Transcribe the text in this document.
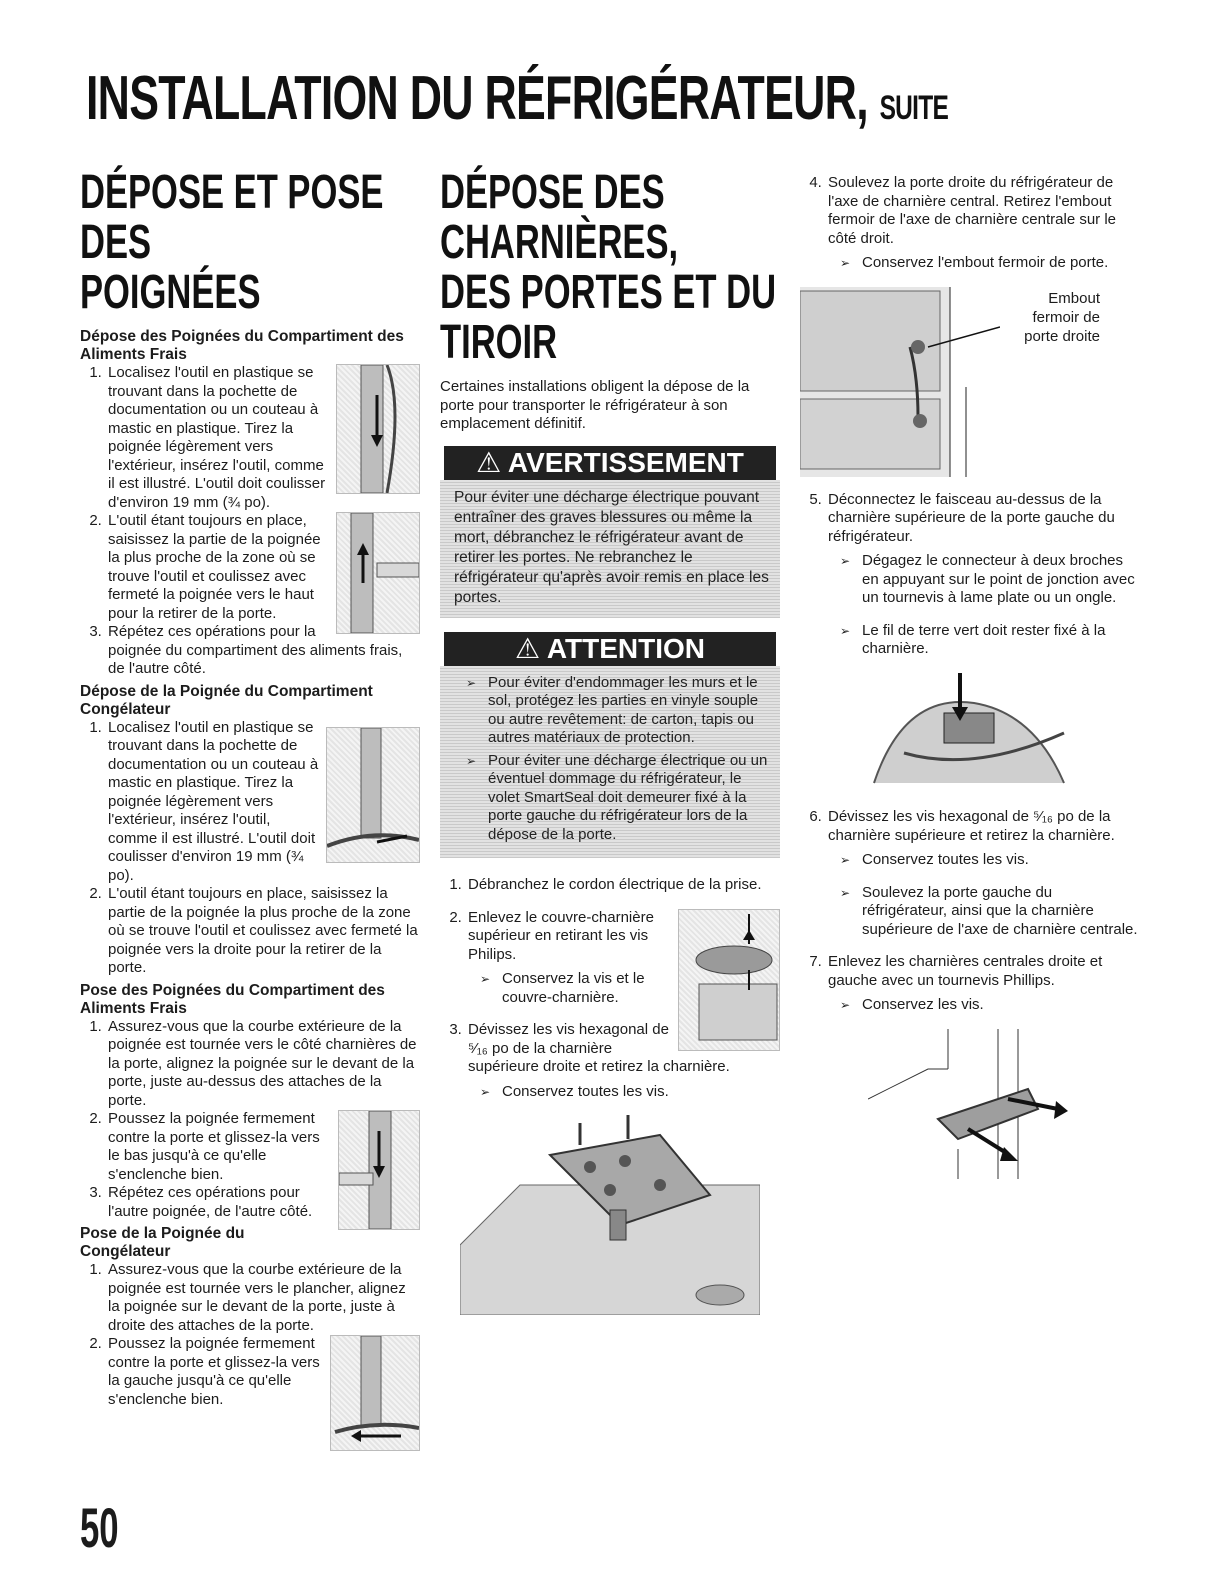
INSTALLATION DU RÉFRIGÉRATEUR, SUITE
DÉPOSE ET POSE DES
POIGNÉES
Dépose des Poignées du Compartiment des Aliments Frais
1. Localisez l'outil en plastique se trouvant dans la pochette de documentation ou un couteau à mastic en plastique. Tirez la poignée légèrement vers l'extérieur, insérez l'outil, comme il est illustré. L'outil doit coulisser d'environ 19 mm (¾ po).
2. L'outil étant toujours en place, saisissez la partie de la poignée la plus proche de la zone où se trouve l'outil et coulissez avec fermeté la poignée vers le haut pour la retirer de la porte.
3. Répétez ces opérations pour la poignée du compartiment des aliments frais, de l'autre côté.
Dépose de la Poignée du Compartiment Congélateur
1. Localisez l'outil en plastique se trouvant dans la pochette de documentation ou un couteau à mastic en plastique. Tirez la poignée légèrement vers l'extérieur, insérez l'outil, comme il est illustré. L'outil doit coulisser d'environ 19 mm (¾ po).
2. L'outil étant toujours en place, saisissez la partie de la poignée la plus proche de la zone où se trouve l'outil et coulissez avec fermeté la poignée vers la droite pour la retirer de la porte.
Pose des Poignées du Compartiment des Aliments Frais
1. Assurez-vous que la courbe extérieure de la poignée est tournée vers le côté charnières de la porte, alignez la poignée sur le devant de la porte, juste au-dessus des attaches de la porte.
2. Poussez la poignée fermement contre la porte et glissez-la vers le bas jusqu'à ce qu'elle s'enclenche bien.
3. Répétez ces opérations pour l'autre poignée, de l'autre côté.
Pose de la Poignée du Congélateur
1. Assurez-vous que la courbe extérieure de la poignée est tournée vers le plancher, alignez la poignée sur le devant de la porte, juste à droite des attaches de la porte.
2. Poussez la poignée fermement contre la porte et glissez-la vers la gauche jusqu'à ce qu'elle s'enclenche bien.
DÉPOSE DES CHARNIÈRES,
DES PORTES ET DU TIROIR

Certaines installations obligent la dépose de la porte pour transporter le réfrigérateur à son emplacement définitif.

⚠ AVERTISSEMENT
Pour éviter une décharge électrique pouvant entraîner des graves blessures ou même la mort, débranchez le réfrigérateur avant de retirer les portes. Ne rebranchez le réfrigérateur qu'après avoir remis en place les portes.
⚠ ATTENTION
➢ Pour éviter d'endommager les murs et le sol, protégez les parties en vinyle souple ou autre revêtement: de carton, tapis ou autres matériaux de protection.
➢ Pour éviter une décharge électrique ou un éventuel dommage du réfrigérateur, le volet SmartSeal doit demeurer fixé à la porte gauche du réfrigérateur lors de la dépose de la porte.
1. Débranchez le cordon électrique de la prise.
2. Enlevez le couvre-charnière supérieur en retirant les vis Philips.
➢ Conservez la vis et le couvre-charnière.
3. Dévissez les vis hexagonal de ⁵⁄₁₆ po de la charnière supérieure droite et retirez la charnière.
➢ Conservez toutes les vis.
4. Soulevez la porte droite du réfrigérateur de l'axe de charnière central. Retirez l'embout fermoir de l'axe de charnière centrale sur le côté droit.
➢ Conservez l'embout fermoir de porte.
Embout fermoir de porte droite
5. Déconnectez le faisceau au-dessus de la charnière supérieure de la porte gauche du réfrigérateur.
➢ Dégagez le connecteur à deux broches en appuyant sur le point de jonction avec un tournevis à lame plate ou un ongle.
➢ Le fil de terre vert doit rester fixé à la charnière.
6. Dévissez les vis hexagonal de ⁵⁄₁₆ po de la charnière supérieure et retirez la charnière.
➢ Conservez toutes les vis.
➢ Soulevez la porte gauche du réfrigérateur, ainsi que la charnière supérieure de l'axe de charnière centrale.
7. Enlevez les charnières centrales droite et gauche avec un tournevis Phillips.
➢ Conservez les vis.
50
